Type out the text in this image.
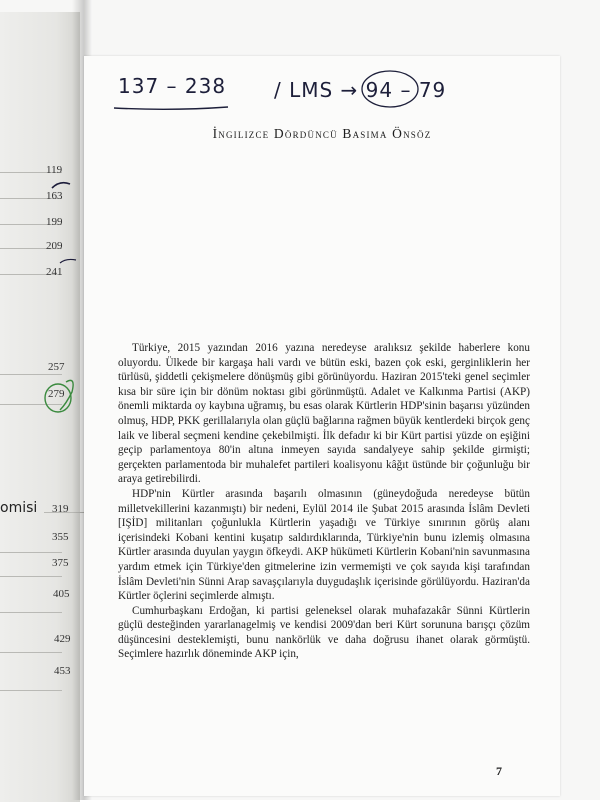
119
163
199
209
241
257
279
omisi 319
355
375
405
429
453
137 – 238 / LMS → 94 – 79
İngilizce Dördüncü Basıma Önsöz

Türkiye, 2015 yazından 2016 yazına neredeyse aralıksız şekilde haberlere konu oluyordu. Ülkede bir kargaşa hali vardı ve bütün eski, bazen çok eski, gerginliklerin her türlüsü, şiddetli çekişmelere dönüşmüş gibi görünüyordu. Haziran 2015'teki genel seçimler kısa bir süre için bir dönüm noktası gibi görünmüştü. Adalet ve Kalkınma Partisi (AKP) önemli miktarda oy kaybına uğramış, bu esas olarak Kürtlerin HDP'sinin başarısı yüzünden olmuş, HDP, PKK gerillalarıyla olan güçlü bağlarına rağmen büyük kentlerdeki birçok genç laik ve liberal seçmeni kendine çekebilmişti. İlk defadır ki bir Kürt partisi yüzde on eşiğini geçip parlamentoya 80'in altına inmeyen sayıda sandalyeye sahip şekilde girmişti; gerçekten parlamentoda bir muhalefet partileri koalisyonu kâğıt üstünde bir çoğunluğu bir araya getirebilirdi.

HDP'nin Kürtler arasında başarılı olmasının (güneydoğuda neredeyse bütün milletvekillerini kazanmıştı) bir nedeni, Eylül 2014 ile Şubat 2015 arasında İslâm Devleti [IŞİD] militanları çoğunlukla Kürtlerin yaşadığı ve Türkiye sınırının görüş alanı içerisindeki Kobani kentini kuşatıp saldırdıklarında, Türkiye'nin bunu izlemiş olmasına Kürtler arasında duyulan yaygın öfkeydi. AKP hükümeti Kürtlerin Kobani'nin savunmasına yardım etmek için Türkiye'den gitmelerine izin vermemişti ve çok sayıda kişi tarafından İslâm Devleti'nin Sünni Arap savaşçılarıyla duygudaşlık içerisinde görülüyordu. Haziran'da Kürtler öçlerini seçimlerde almıştı.

Cumhurbaşkanı Erdoğan, ki partisi geleneksel olarak muhafazakâr Sünni Kürtlerin güçlü desteğinden yararlanagelmiş ve kendisi 2009'dan beri Kürt sorununa barışçı çözüm düşüncesini desteklemişti, bunu nankörlük ve daha doğrusu ihanet olarak görmüştü. Seçimlere hazırlık döneminde AKP için,

7
